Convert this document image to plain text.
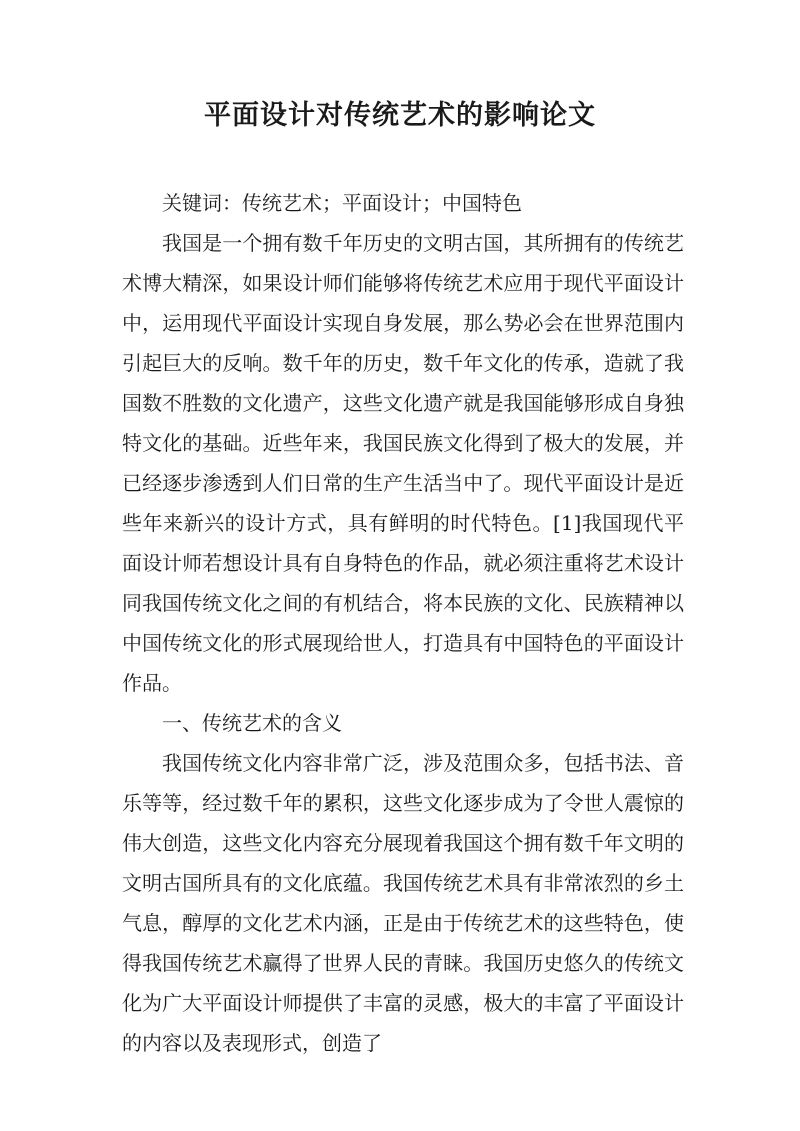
平面设计对传统艺术的影响论文

关键词：传统艺术；平面设计；中国特色

我国是一个拥有数千年历史的文明古国，其所拥有的传统艺术博大精深，如果设计师们能够将传统艺术应用于现代平面设计中，运用现代平面设计实现自身发展，那么势必会在世界范围内引起巨大的反响。数千年的历史，数千年文化的传承，造就了我国数不胜数的文化遗产，这些文化遗产就是我国能够形成自身独特文化的基础。近些年来，我国民族文化得到了极大的发展，并已经逐步渗透到人们日常的生产生活当中了。现代平面设计是近些年来新兴的设计方式，具有鲜明的时代特色。[1]我国现代平面设计师若想设计具有自身特色的作品，就必须注重将艺术设计同我国传统文化之间的有机结合，将本民族的文化、民族精神以中国传统文化的形式展现给世人，打造具有中国特色的平面设计作品。

一、传统艺术的含义

我国传统文化内容非常广泛，涉及范围众多，包括书法、音乐等等，经过数千年的累积，这些文化逐步成为了令世人震惊的伟大创造，这些文化内容充分展现着我国这个拥有数千年文明的文明古国所具有的文化底蕴。我国传统艺术具有非常浓烈的乡土气息，醇厚的文化艺术内涵，正是由于传统艺术的这些特色，使得我国传统艺术赢得了世界人民的青睐。我国历史悠久的传统文化为广大平面设计师提供了丰富的灵感，极大的丰富了平面设计的内容以及表现形式，创造了
